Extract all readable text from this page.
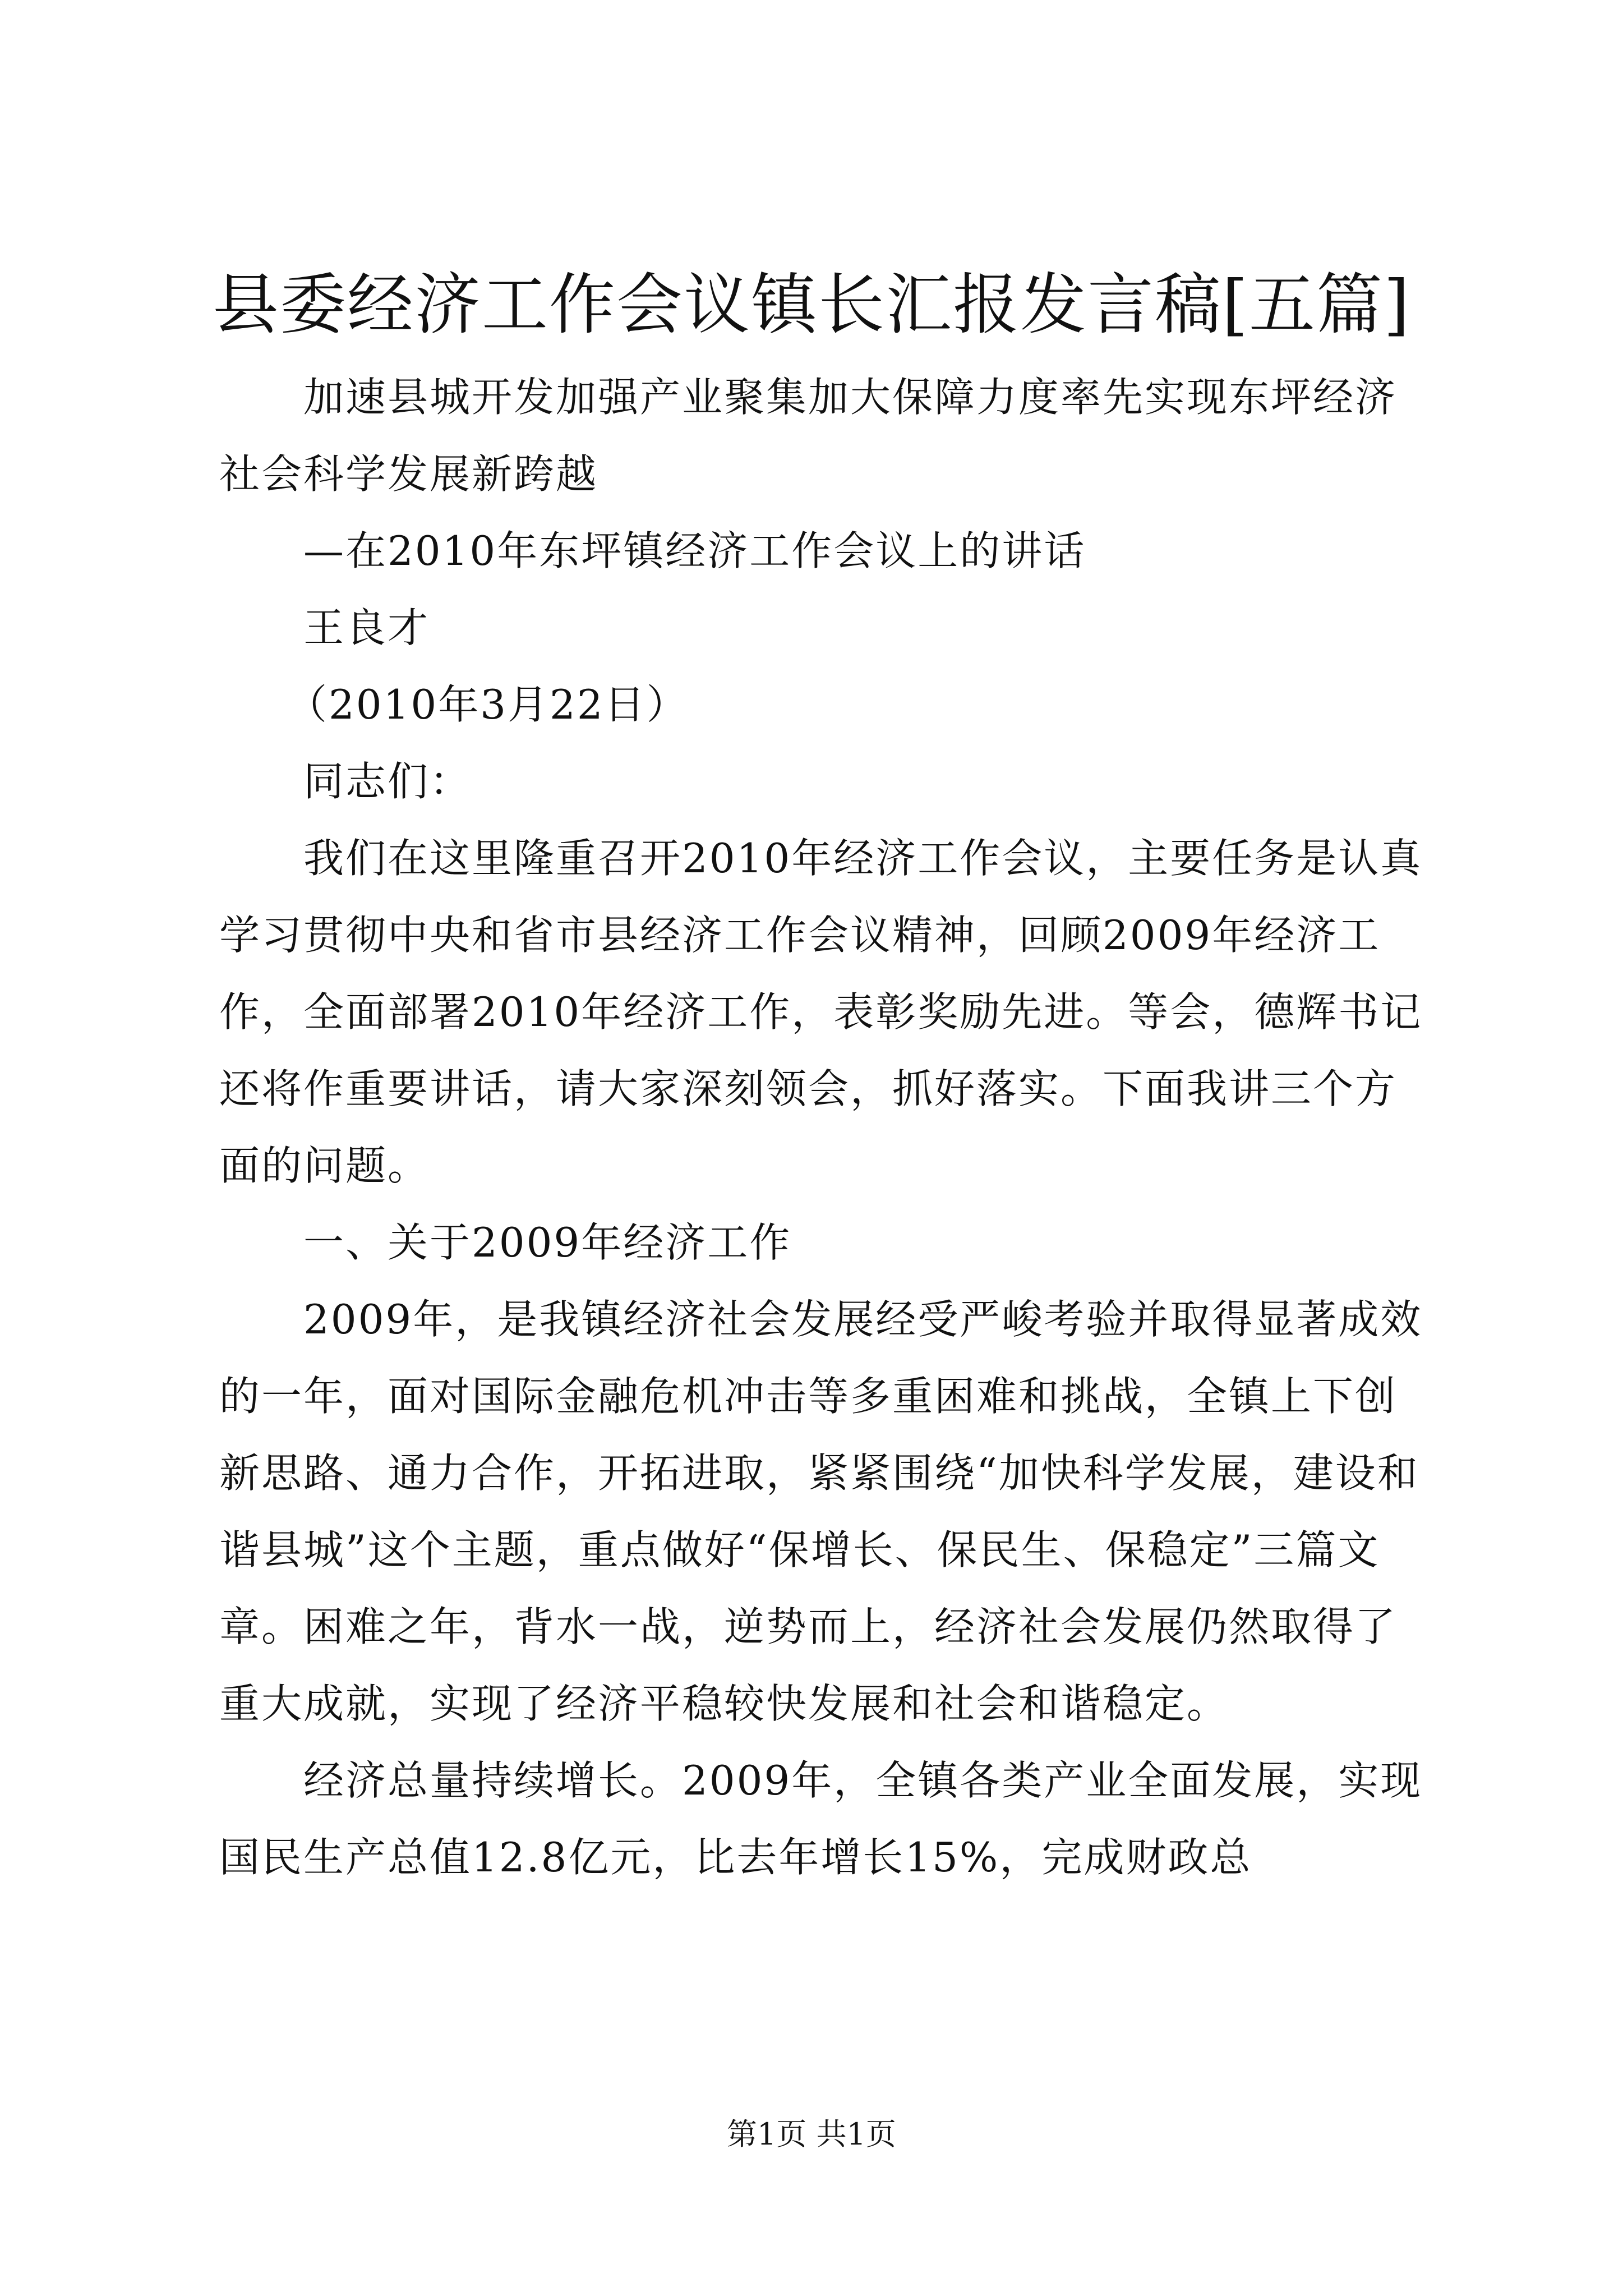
县委经济工作会议镇长汇报发言稿[五篇]

加速县城开发加强产业聚集加大保障力度率先实现东坪经济社会科学发展新跨越

—在2010年东坪镇经济工作会议上的讲话

王良才

（2010年3月22日）

同志们：

我们在这里隆重召开2010年经济工作会议，主要任务是认真学习贯彻中央和省市县经济工作会议精神，回顾2009年经济工作，全面部署2010年经济工作，表彰奖励先进。等会，德辉书记还将作重要讲话，请大家深刻领会，抓好落实。下面我讲三个方面的问题。

一、关于2009年经济工作

2009年，是我镇经济社会发展经受严峻考验并取得显著成效的一年，面对国际金融危机冲击等多重困难和挑战，全镇上下创新思路、通力合作，开拓进取，紧紧围绕“加快科学发展，建设和谐县城”这个主题，重点做好“保增长、保民生、保稳定”三篇文章。困难之年，背水一战，逆势而上，经济社会发展仍然取得了重大成就，实现了经济平稳较快发展和社会和谐稳定。

经济总量持续增长。2009年，全镇各类产业全面发展，实现国民生产总值12.8亿元，比去年增长15%，完成财政总

第1页 共1页
